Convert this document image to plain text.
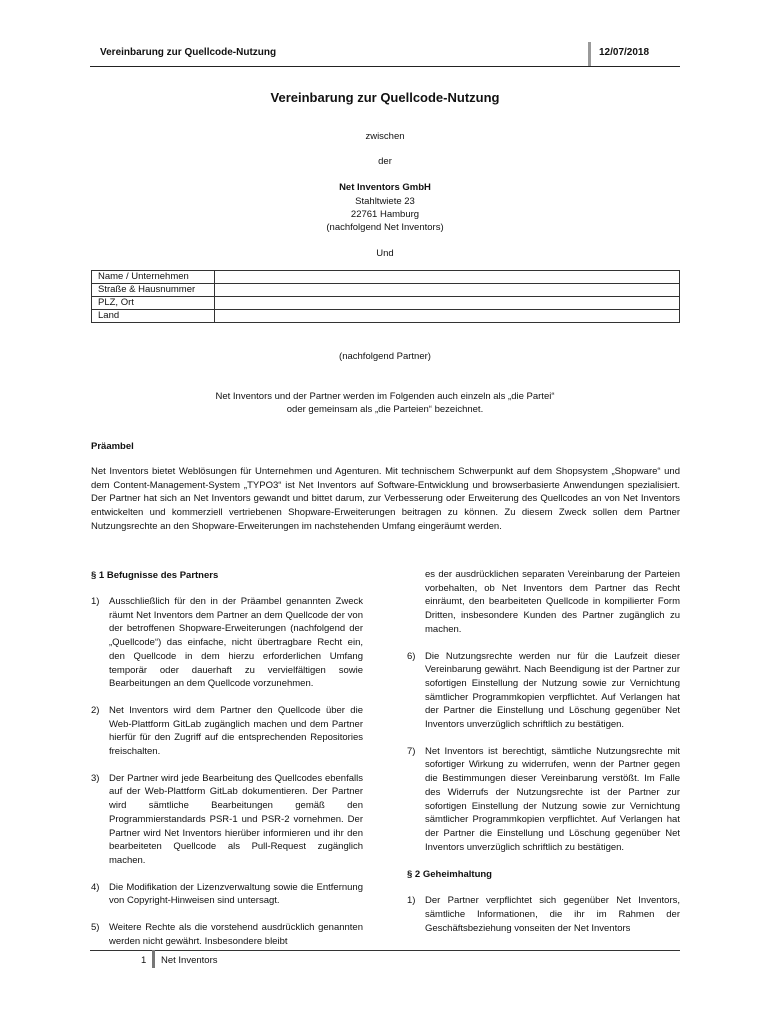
Vereinbarung zur Quellcode-Nutzung	12/07/2018
Vereinbarung zur Quellcode-Nutzung
zwischen
der
Net Inventors GmbH
Stahltwiete 23
22761 Hamburg
(nachfolgend Net Inventors)
Und
Name / Unternehmen	
Straße & Hausnummer	
PLZ, Ort	
Land	
(nachfolgend Partner)
Net Inventors und der Partner werden im Folgenden auch einzeln als „die Partei“
oder gemeinsam als „die Parteien“ bezeichnet.
Präambel

Net Inventors bietet Weblösungen für Unternehmen und Agenturen. Mit technischem Schwerpunkt auf dem Shopsystem „Shopware“ und dem Content-Management-System „TYPO3“ ist Net Inventors auf Software-Entwicklung und browserbasierte Anwendungen spezialisiert. Der Partner hat sich an Net Inventors gewandt und bittet darum, zur Verbesserung oder Erweiterung des Quellcodes an von Net Inventors entwickelten und kommerziell vertriebenen Shopware-Erweiterungen beitragen zu können. Zu diesem Zweck sollen dem Partner Nutzungsrechte an den Shopware-Erweiterungen im nachstehenden Umfang eingeräumt werden.

§ 1 Befugnisse des Partners
1)	Ausschließlich für den in der Präambel genannten Zweck räumt Net Inventors dem Partner an dem Quellcode der von der betroffenen Shopware-Erweiterungen (nachfolgend der „Quellcode“) das einfache, nicht übertragbare Recht ein, den Quellcode in dem hierzu erforderlichen Umfang temporär oder dauerhaft zu vervielfältigen sowie Bearbeitungen an dem Quellcode vorzunehmen.
2)	Net Inventors wird dem Partner den Quellcode über die Web-Plattform GitLab zugänglich machen und dem Partner hierfür für den Zugriff auf die entsprechenden Repositories freischalten.
3)	Der Partner wird jede Bearbeitung des Quellcodes ebenfalls auf der Web-Plattform GitLab dokumentieren. Der Partner wird sämtliche Bearbeitungen gemäß den Programmierstandards PSR-1 und PSR-2 vornehmen. Der Partner wird Net Inventors hierüber informieren und ihr den bearbeiteten Quellcode als Pull-Request zugänglich machen.
4)	Die Modifikation der Lizenzverwaltung sowie die Entfernung von Copyright-Hinweisen sind untersagt.
5)	Weitere Rechte als die vorstehend ausdrücklich genannten werden nicht gewährt. Insbesondere bleibt
es der ausdrücklichen separaten Vereinbarung der Parteien vorbehalten, ob Net Inventors dem Partner das Recht einräumt, den bearbeiteten Quellcode in kompilierter Form Dritten, insbesondere Kunden des Partner zugänglich zu machen.
6)	Die Nutzungsrechte werden nur für die Laufzeit dieser Vereinbarung gewährt. Nach Beendigung ist der Partner zur sofortigen Einstellung der Nutzung sowie zur Vernichtung sämtlicher Programmkopien verpflichtet. Auf Verlangen hat der Partner die Einstellung und Löschung gegenüber Net Inventors unverzüglich schriftlich zu bestätigen.
7)	Net Inventors ist berechtigt, sämtliche Nutzungsrechte mit sofortiger Wirkung zu widerrufen, wenn der Partner gegen die Bestimmungen dieser Vereinbarung verstößt. Im Falle des Widerrufs der Nutzungsrechte ist der Partner zur sofortigen Einstellung der Nutzung sowie zur Vernichtung sämtlicher Programmkopien verpflichtet. Auf Verlangen hat der Partner die Einstellung und Löschung gegenüber Net Inventors unverzüglich schriftlich zu bestätigen.
§ 2 Geheimhaltung
1)	Der Partner verpflichtet sich gegenüber Net Inventors, sämtliche Informationen, die ihr im Rahmen der Geschäftsbeziehung vonseiten der Net Inventors
1 Net Inventors
